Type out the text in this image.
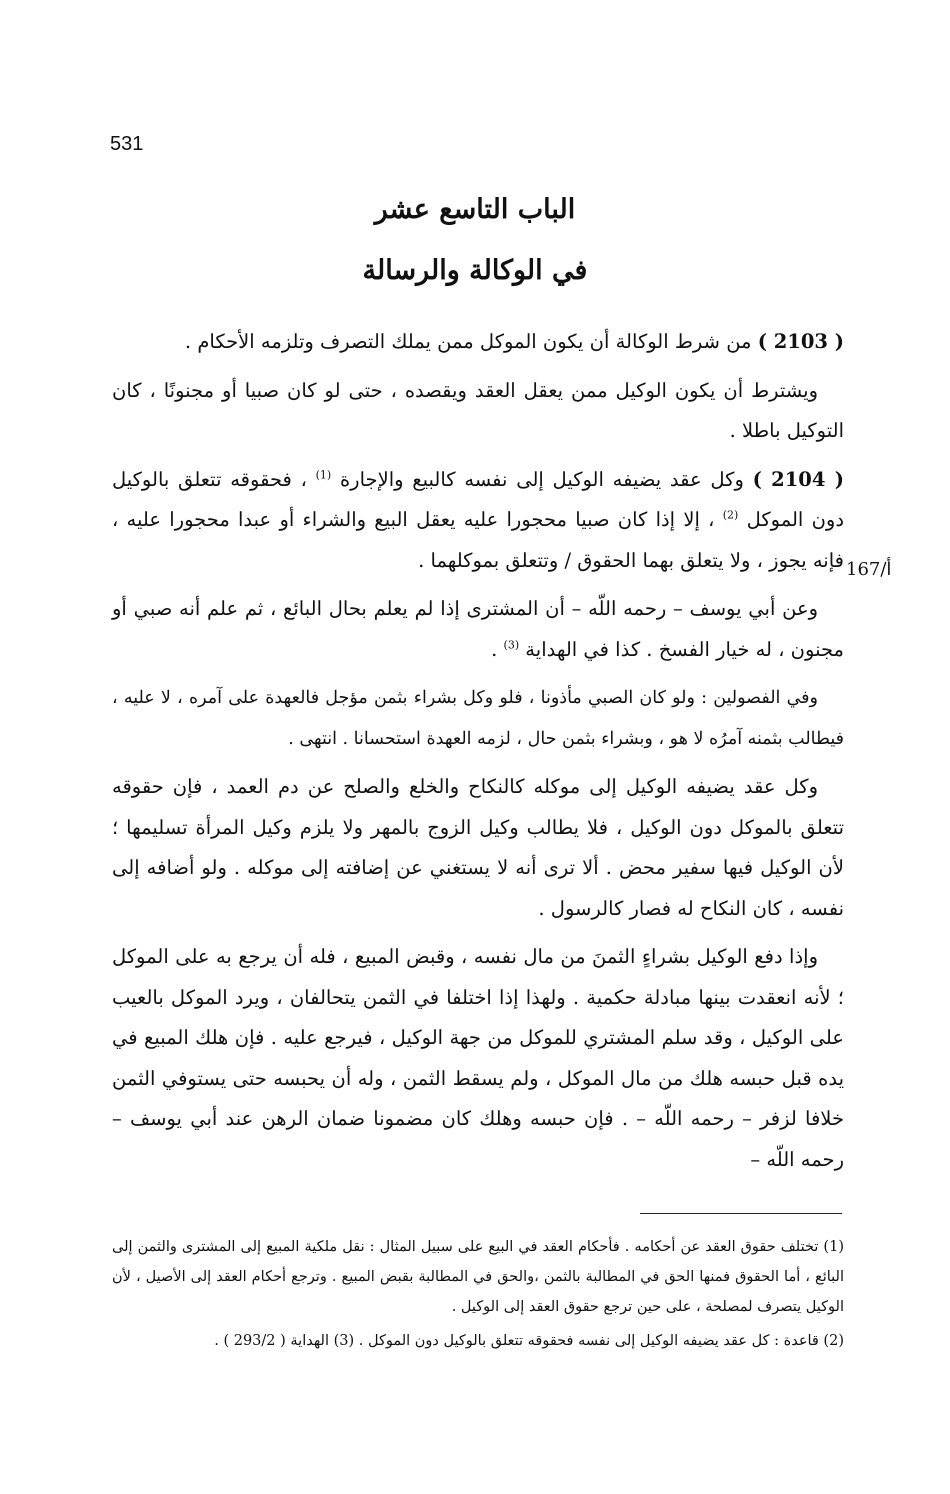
531
الباب التاسع عشر
في الوكالة والرسالة

( 2103 ) من شرط الوكالة أن يكون الموكل ممن يملك التصرف وتلزمه الأحكام .

ويشترط أن يكون الوكيل ممن يعقل العقد ويقصده ، حتى لو كان صبيا أو مجنونًا ، كان التوكيل باطلا .

( 2104 ) وكل عقد يضيفه الوكيل إلى نفسه كالبيع والإجارة $^{(1)}$ ، فحقوقه تتعلق بالوكيل دون الموكل $^{(2)}$ ، إلا إذا كان صبيا محجورا عليه يعقل البيع والشراء أو عبدا محجورا عليه ، فإنه يجوز ، ولا يتعلق بهما الحقوق / وتتعلق بموكلهما .

وعن أبي يوسف – رحمه اللّه – أن المشترى إذا لم يعلم بحال البائع ، ثم علم أنه صبي أو مجنون ، له خيار الفسخ . كذا في الهداية $^{(3)}$ .

وفي الفصولين : ولو كان الصبي مأذونا ، فلو وكل بشراء بثمن مؤجل فالعهدة على آمره ، لا عليه ، فيطالب بثمنه آمرُه لا هو ، وبشراء بثمن حال ، لزمه العهدة استحسانا . انتهى .

وكل عقد يضيفه الوكيل إلى موكله كالنكاح والخلع والصلح عن دم العمد ، فإن حقوقه تتعلق بالموكل دون الوكيل ، فلا يطالب وكيل الزوج بالمهر ولا يلزم وكيل المرأة تسليمها ؛ لأن الوكيل فيها سفير محض . ألا ترى أنه لا يستغني عن إضافته إلى موكله . ولو أضافه إلى نفسه ، كان النكاح له فصار كالرسول .

وإذا دفع الوكيل بشراءٍ الثمنَ من مال نفسه ، وقبض المبيع ، فله أن يرجع به على الموكل ؛ لأنه انعقدت بينها مبادلة حكمية . ولهذا إذا اختلفا في الثمن يتحالفان ، ويرد الموكل بالعيب على الوكيل ، وقد سلم المشتري للموكل من جهة الوكيل ، فيرجع عليه . فإن هلك المبيع في يده قبل حبسه هلك من مال الموكل ، ولم يسقط الثمن ، وله أن يحبسه حتى يستوفي الثمن خلافا لزفر – رحمه اللّه – . فإن حبسه وهلك كان مضمونا ضمان الرهن عند أبي يوسف – رحمه اللّه –

167/أ

(1) تختلف حقوق العقد عن أحكامه . فأحكام العقد في البيع على سبيل المثال : نقل ملكية المبيع إلى المشترى والثمن إلى البائع ، أما الحقوق فمنها الحق في المطالبة بالثمن ،والحق في المطالبة بقبض المبيع . وترجع أحكام العقد إلى الأصيل ، لأن الوكيل يتصرف لمصلحة ، على حين ترجع حقوق العقد إلى الوكيل .

(2) قاعدة : كل عقد يضيفه الوكيل إلى نفسه فحقوقه تتعلق بالوكيل دون الموكل . (3) الهداية ( 293/2 ) .
